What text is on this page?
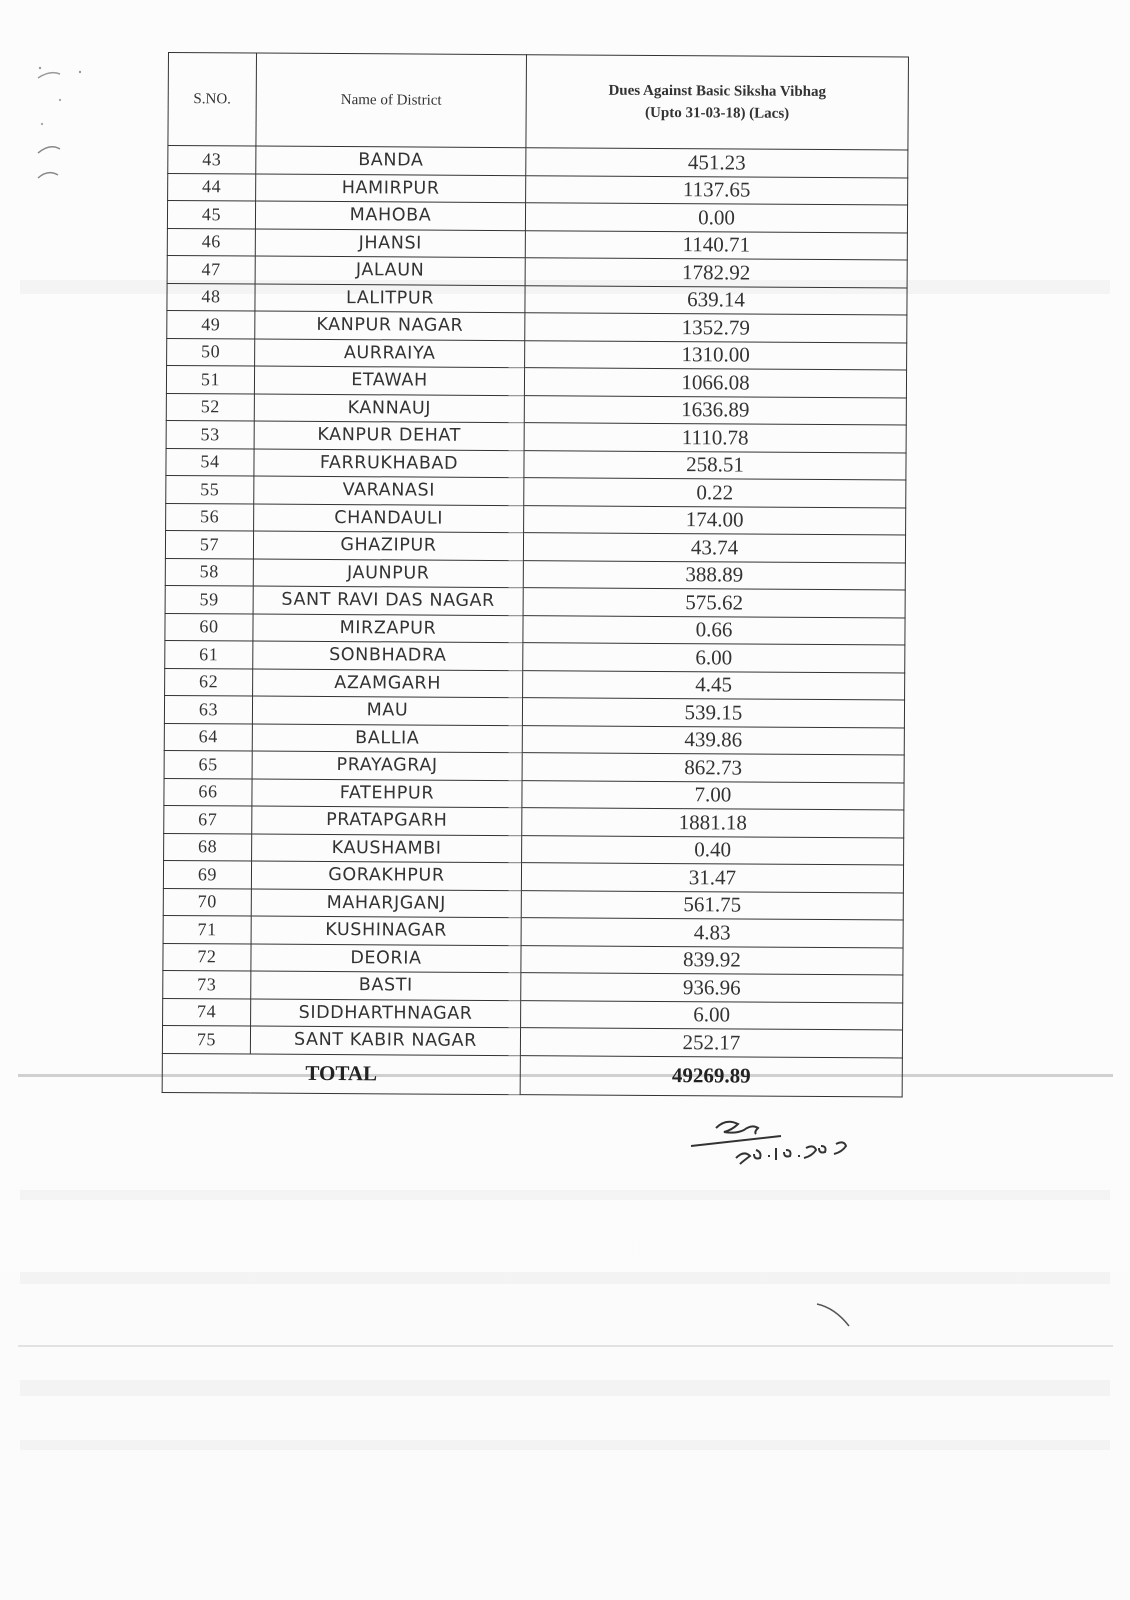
S.NO.	Name of District	Dues Against Basic Siksha Vibhag
(Upto 31-03-18) (Lacs)

43	BANDA	451.23
44	HAMIRPUR	1137.65
45	MAHOBA	0.00
46	JHANSI	1140.71
47	JALAUN	1782.92
48	LALITPUR	639.14
49	KANPUR NAGAR	1352.79
50	AURRAIYA	1310.00
51	ETAWAH	1066.08
52	KANNAUJ	1636.89
53	KANPUR DEHAT	1110.78
54	FARRUKHABAD	258.51
55	VARANASI	0.22
56	CHANDAULI	174.00
57	GHAZIPUR	43.74
58	JAUNPUR	388.89
59	SANT RAVI DAS NAGAR	575.62
60	MIRZAPUR	0.66
61	SONBHADRA	6.00
62	AZAMGARH	4.45
63	MAU	539.15
64	BALLIA	439.86
65	PRAYAGRAJ	862.73
66	FATEHPUR	7.00
67	PRATAPGARH	1881.18
68	KAUSHAMBI	0.40
69	GORAKHPUR	31.47
70	MAHARJGANJ	561.75
71	KUSHINAGAR	4.83
72	DEORIA	839.92
73	BASTI	936.96
74	SIDDHARTHNAGAR	6.00
75	SANT KABIR NAGAR	252.17
TOTAL		49269.89
